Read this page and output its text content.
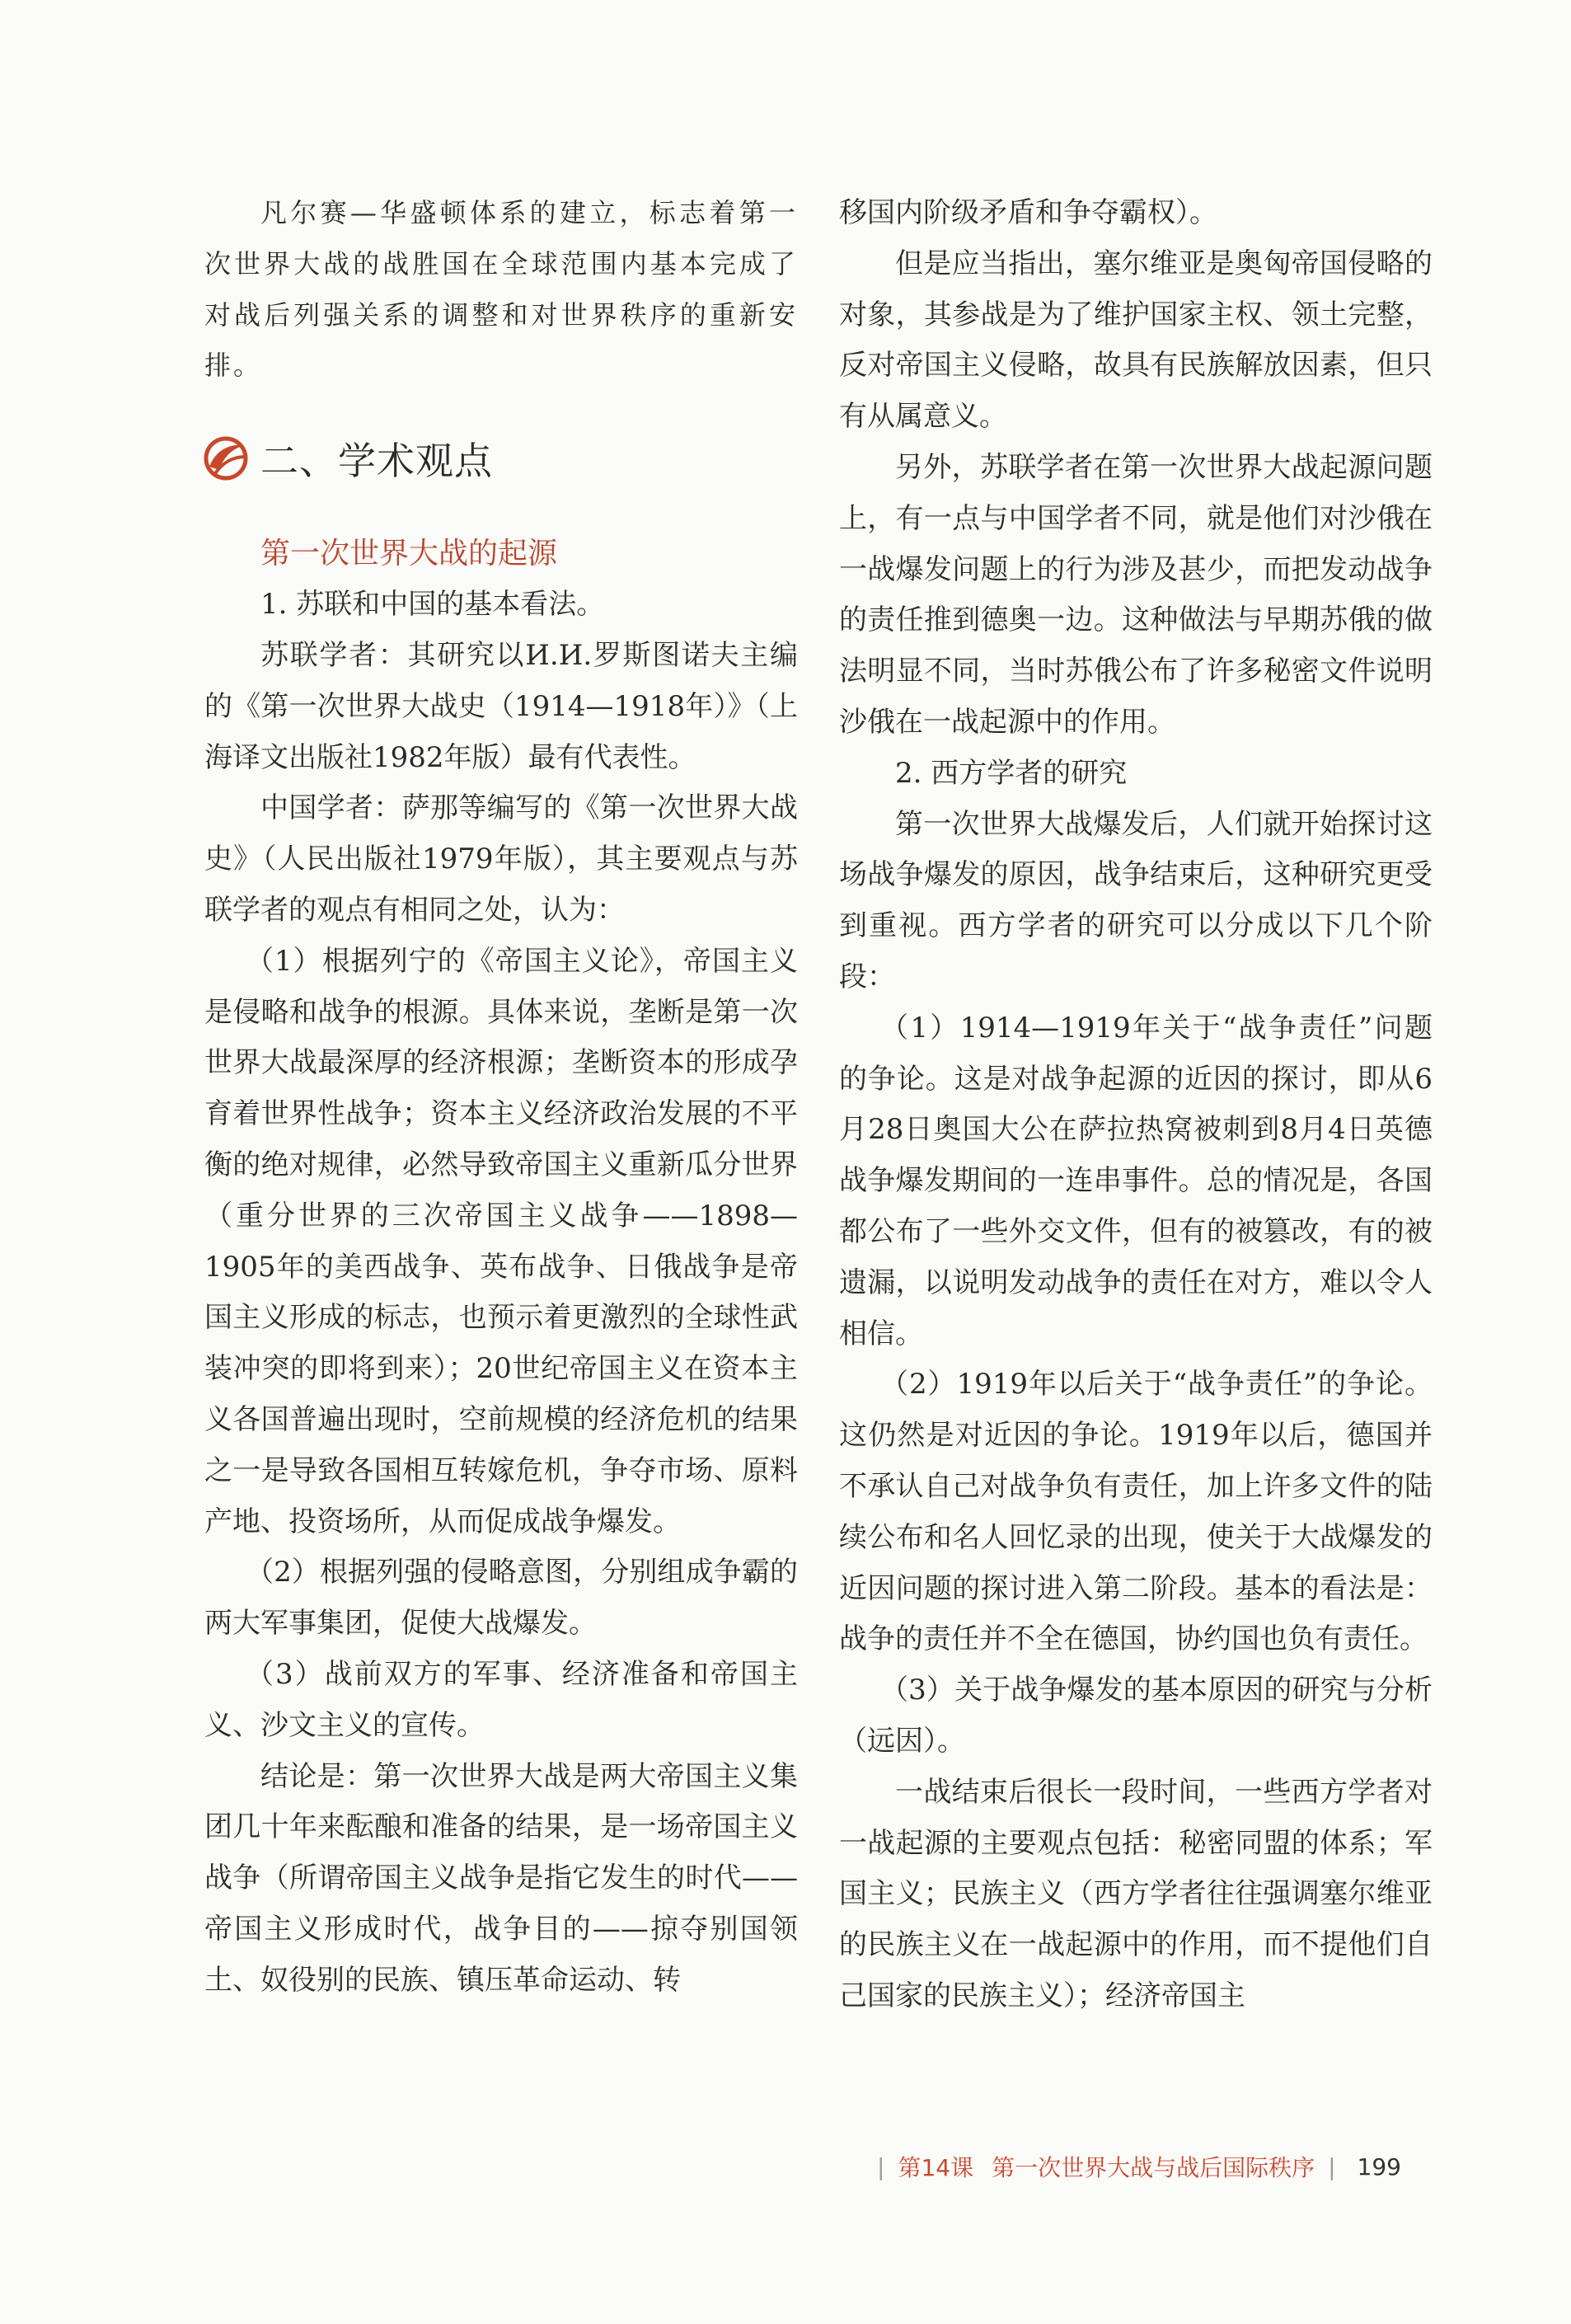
凡尔赛—华盛顿体系的建立，标志着第一次世界大战的战胜国在全球范围内基本完成了对战后列强关系的调整和对世界秩序的重新安排。

二、学术观点
第一次世界大战的起源

1. 苏联和中国的基本看法。

苏联学者：其研究以И.И.罗斯图诺夫主编的《第一次世界大战史（1914—1918年）》（上海译文出版社1982年版）最有代表性。

中国学者：萨那等编写的《第一次世界大战史》（人民出版社1979年版），其主要观点与苏联学者的观点有相同之处，认为：

（1）根据列宁的《帝国主义论》，帝国主义是侵略和战争的根源。具体来说，垄断是第一次世界大战最深厚的经济根源；垄断资本的形成孕育着世界性战争；资本主义经济政治发展的不平衡的绝对规律，必然导致帝国主义重新瓜分世界（重分世界的三次帝国主义战争——1898—1905年的美西战争、英布战争、日俄战争是帝国主义形成的标志，也预示着更激烈的全球性武装冲突的即将到来）；20世纪帝国主义在资本主义各国普遍出现时，空前规模的经济危机的结果之一是导致各国相互转嫁危机，争夺市场、原料产地、投资场所，从而促成战争爆发。

（2）根据列强的侵略意图，分别组成争霸的两大军事集团，促使大战爆发。

（3）战前双方的军事、经济准备和帝国主义、沙文主义的宣传。

结论是：第一次世界大战是两大帝国主义集团几十年来酝酿和准备的结果，是一场帝国主义战争（所谓帝国主义战争是指它发生的时代——帝国主义形成时代，战争目的——掠夺别国领土、奴役别的民族、镇压革命运动、转

移国内阶级矛盾和争夺霸权）。

但是应当指出，塞尔维亚是奥匈帝国侵略的对象，其参战是为了维护国家主权、领土完整，反对帝国主义侵略，故具有民族解放因素，但只有从属意义。

另外，苏联学者在第一次世界大战起源问题上，有一点与中国学者不同，就是他们对沙俄在一战爆发问题上的行为涉及甚少，而把发动战争的责任推到德奥一边。这种做法与早期苏俄的做法明显不同，当时苏俄公布了许多秘密文件说明沙俄在一战起源中的作用。

2. 西方学者的研究

第一次世界大战爆发后，人们就开始探讨这场战争爆发的原因，战争结束后，这种研究更受到重视。西方学者的研究可以分成以下几个阶段：

（1）1914—1919年关于“战争责任”问题的争论。这是对战争起源的近因的探讨，即从6月28日奥国大公在萨拉热窝被刺到8月4日英德战争爆发期间的一连串事件。总的情况是，各国都公布了一些外交文件，但有的被篡改，有的被遗漏，以说明发动战争的责任在对方，难以令人相信。

（2）1919年以后关于“战争责任”的争论。这仍然是对近因的争论。1919年以后，德国并不承认自己对战争负有责任，加上许多文件的陆续公布和名人回忆录的出现，使关于大战爆发的近因问题的探讨进入第二阶段。基本的看法是：战争的责任并不全在德国，协约国也负有责任。

（3）关于战争爆发的基本原因的研究与分析（远因）。

一战结束后很长一段时间，一些西方学者对一战起源的主要观点包括：秘密同盟的体系；军国主义；民族主义（西方学者往往强调塞尔维亚的民族主义在一战起源中的作用，而不提他们自己国家的民族主义）；经济帝国主

| 第14课 第一次世界大战与战后国际秩序 | 199
